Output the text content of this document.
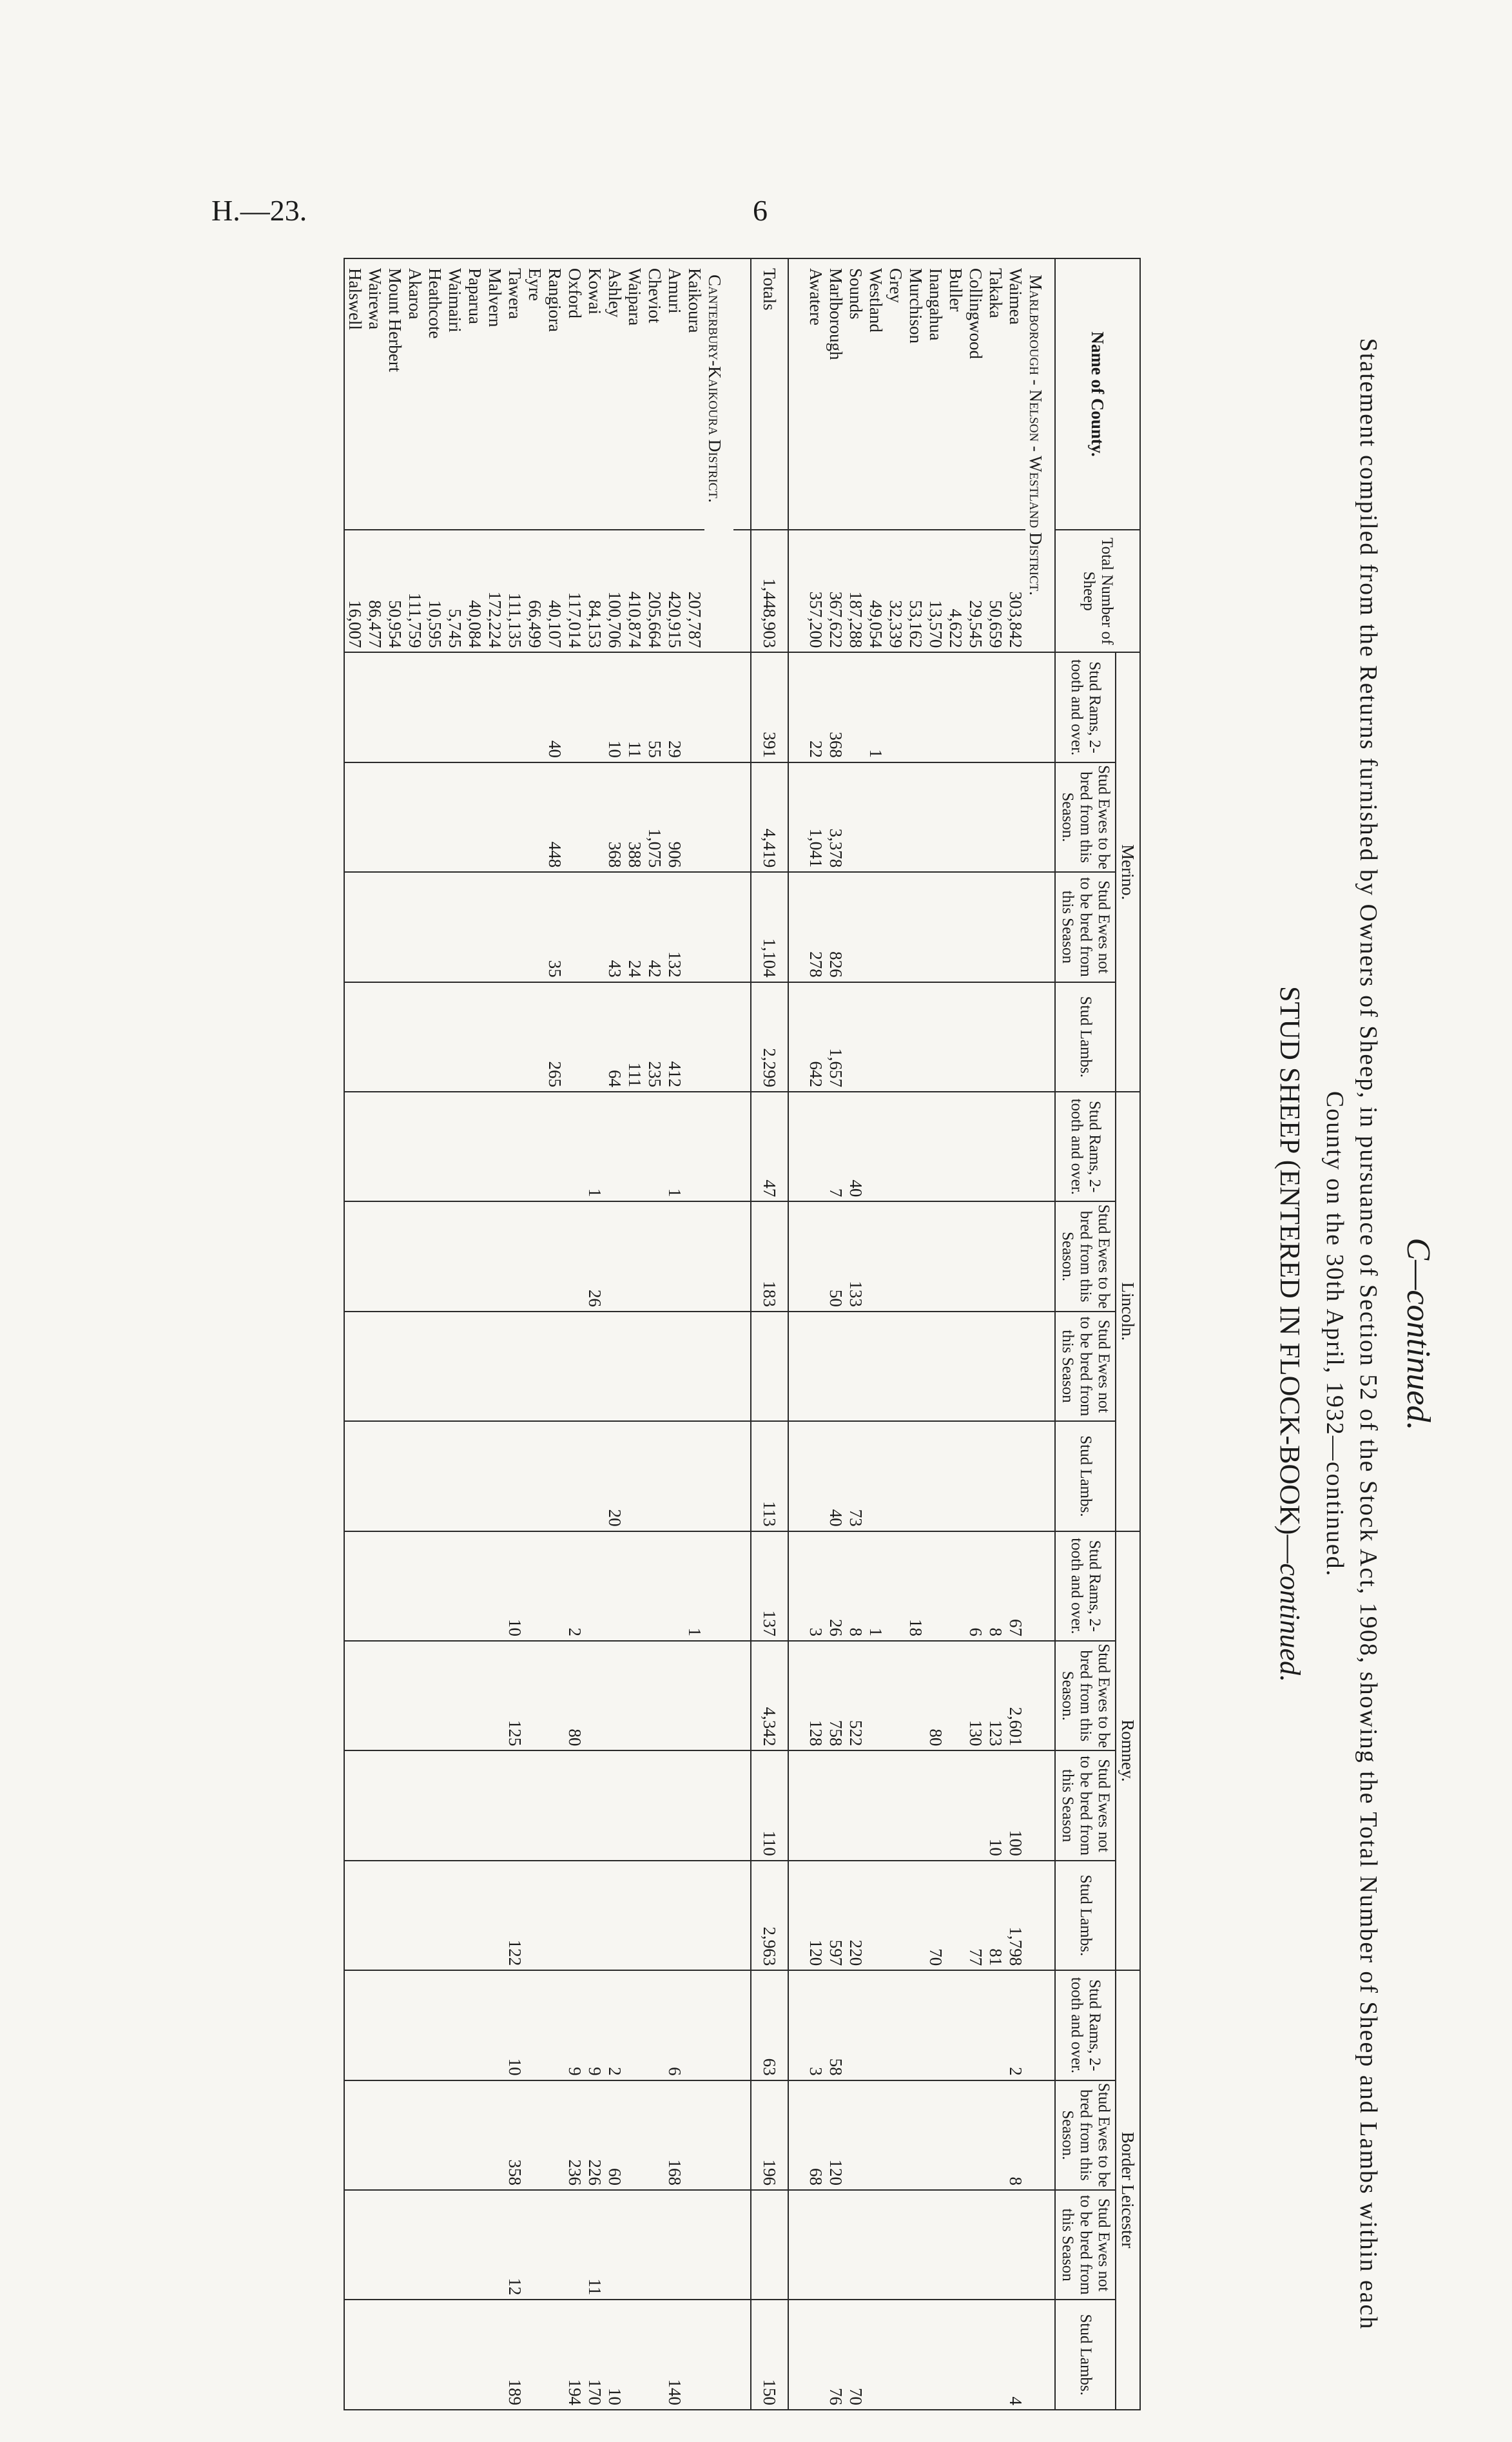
H.—23.	6
C—continued.
Statement compiled from the Returns furnished by Owners of Sheep, in pursuance of Section 52 of the Stock Act, 1908, showing the Total Number of Sheep and Lambs within each County on the 30th April, 1932—continued.
STUD SHEEP (ENTERED IN FLOCK-BOOK)—continued.
Name of County.	Total Number of Sheep	Merino.				Lincoln.				Romney.				Border Leicester			
		Stud Rams, 2-tooth and over.	Stud Ewes to be bred from this Season.	Stud Ewes not to be bred from this Season	Stud Lambs.	Stud Rams, 2-tooth and over.	Stud Ewes to be bred from this Season.	Stud Ewes not to be bred from this Season	Stud Lambs.	Stud Rams, 2-tooth and over.	Stud Ewes to be bred from this Season.	Stud Ewes not to be bred from this Season	Stud Lambs.	Stud Rams, 2-tooth and over.	Stud Ewes to be bred from this Season.	Stud Ewes not to be bred from this Season	Stud Lambs.
Marlborough - Nelson - Westland District.																	
Waimea	303,842									67	2,601	100	1,798	2	8		4
Takaka	50,659									8	123	10	81				
Collingwood	29,545									6	130		77				
Buller	4,622																
Inangahua	13,570										80		70				
Murchison	53,162									18							
Grey	32,339																
Westland	49,054	1								1							
Sounds	187,288					40	133		73	8	522		220				70
Marlborough	367,622	368	3,378	826	1,657	7	50		40	26	758		597	58	120		76
Awatere	357,200	22	1,041	278	642					3	128		120	3	68		

Totals	1,448,903	391	4,419	1,104	2,299	47	183		113	137	4,342	110	2,963	63	196		150

Canterbury-Kaikoura District.																	
Kaikoura	207,787									1							
Amuri	420,915	29	906	132	412	1								6	168		140
Cheviot	205,664	55	1,075	42	235												
Waipara	410,874	11	388	24	111												
Ashley	100,706	10	368	43	64				20					2	60		10
Kowai	84,153					1	26							9	226	11	170
Oxford	117,014									2	80			9	236		194
Rangiora	40,107	40	448	35	265												
Eyre	66,499																
Tawera	111,135									10	125		122	10	358	12	189
Malvern	172,224																
Paparua	40,084																
Waimairi	5,745																
Heathcote	10,595																
Akaroa	111,759																
Mount Herbert	50,954																
Wairewa	86,477																
Halswell	16,007																
